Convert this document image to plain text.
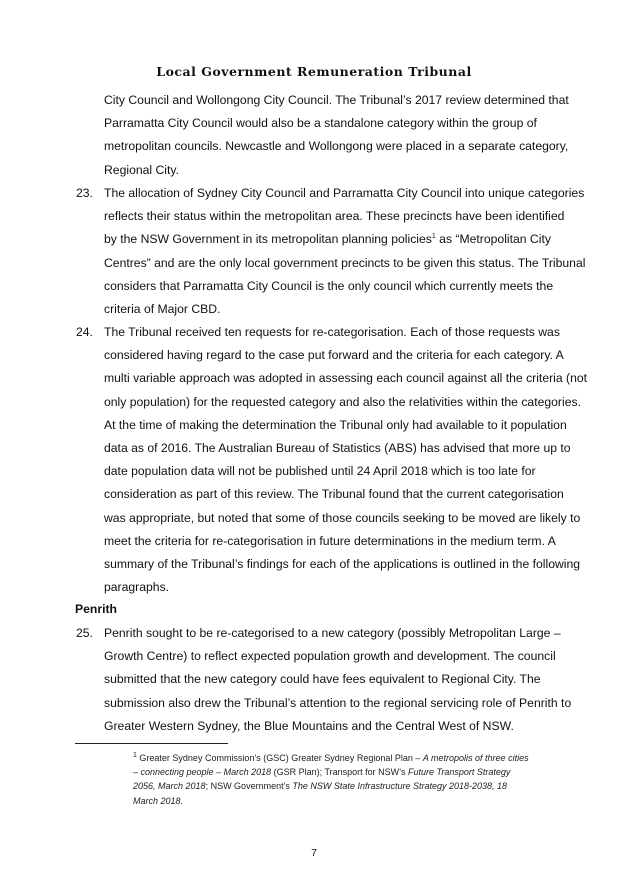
Local Government Remuneration Tribunal
City Council and Wollongong City Council. The Tribunal’s 2017 review determined that
Parramatta City Council would also be a standalone category within the group of
metropolitan councils. Newcastle and Wollongong were placed in a separate category,
Regional City.
23. The allocation of Sydney City Council and Parramatta City Council into unique categories
reflects their status within the metropolitan area. These precincts have been identified
by the NSW Government in its metropolitan planning policies$^1$ as “Metropolitan City
Centres” and are the only local government precincts to be given this status. The Tribunal
considers that Parramatta City Council is the only council which currently meets the
criteria of Major CBD.
24. The Tribunal received ten requests for re-categorisation. Each of those requests was
considered having regard to the case put forward and the criteria for each category. A
multi variable approach was adopted in assessing each council against all the criteria (not
only population) for the requested category and also the relativities within the categories.
At the time of making the determination the Tribunal only had available to it population
data as of 2016. The Australian Bureau of Statistics (ABS) has advised that more up to
date population data will not be published until 24 April 2018 which is too late for
consideration as part of this review. The Tribunal found that the current categorisation
was appropriate, but noted that some of those councils seeking to be moved are likely to
meet the criteria for re-categorisation in future determinations in the medium term. A
summary of the Tribunal’s findings for each of the applications is outlined in the following
paragraphs.
Penrith
25. Penrith sought to be re-categorised to a new category (possibly Metropolitan Large –
Growth Centre) to reflect expected population growth and development. The council
submitted that the new category could have fees equivalent to Regional City. The
submission also drew the Tribunal’s attention to the regional servicing role of Penrith to
Greater Western Sydney, the Blue Mountains and the Central West of NSW.
$^1$ Greater Sydney Commission’s (GSC) Greater Sydney Regional Plan – A metropolis of three cities
– connecting people – March 2018 (GSR Plan); Transport for NSW’s Future Transport Strategy
2056, March 2018; NSW Government’s The NSW State Infrastructure Strategy 2018-2038, 18
March 2018.
7
